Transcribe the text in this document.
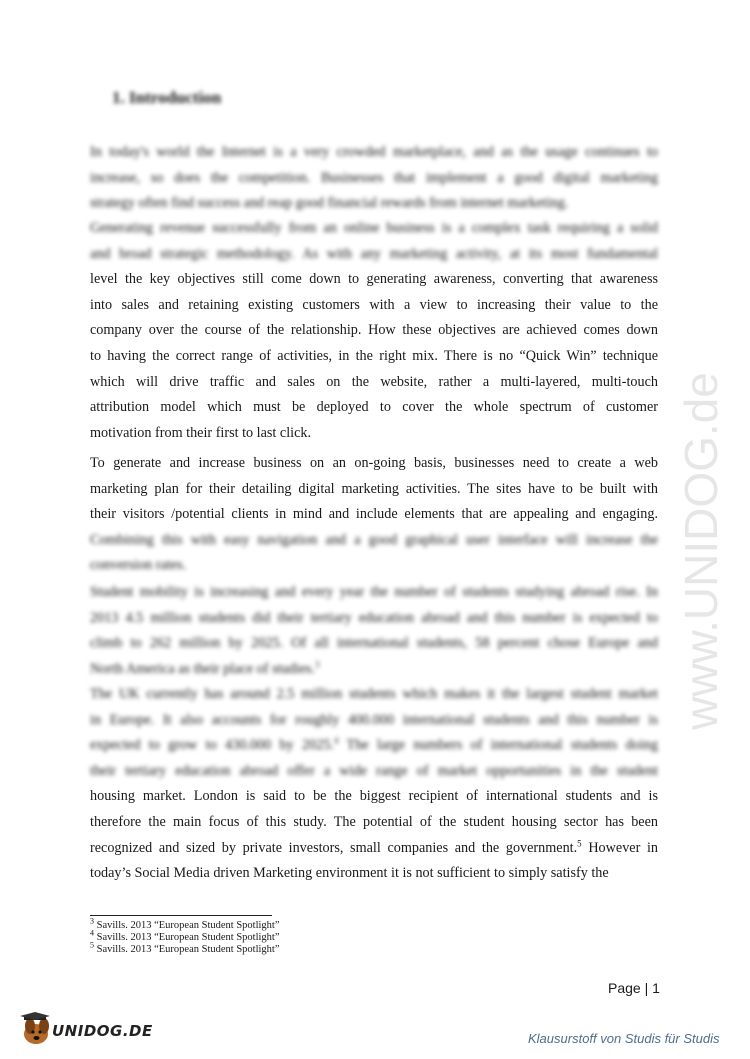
1. Introduction

In today's world the Internet is a very crowded marketplace, and as the usage continues to
increase, so does the competition. Businesses that implement a good digital marketing
strategy often find success and reap good financial rewards from internet marketing.

Generating revenue successfully from an online business is a complex task requiring a solid
and broad strategic methodology. As with any marketing activity, at its most fundamental
level the key objectives still come down to generating awareness, converting that awareness
into sales and retaining existing customers with a view to increasing their value to the
company over the course of the relationship. How these objectives are achieved comes down
to having the correct range of activities, in the right mix. There is no “Quick Win” technique
which will drive traffic and sales on the website, rather a multi-layered, multi-touch
attribution model which must be deployed to cover the whole spectrum of customer
motivation from their first to last click.

To generate and increase business on an on-going basis, businesses need to create a web
marketing plan for their detailing digital marketing activities. The sites have to be built with
their visitors /potential clients in mind and include elements that are appealing and engaging.
Combining this with easy navigation and a good graphical user interface will increase the
conversion rates.

Student mobility is increasing and every year the number of students studying abroad rise. In
2013 4.5 million students did their tertiary education abroad and this number is expected to
climb to 262 million by 2025. Of all international students, 58 percent chose Europe and
North America as their place of studies.$^3$

The UK currently has around 2.5 million students which makes it the largest student market
in Europe. It also accounts for roughly 400.000 international students and this number is
expected to grow to 430.000 by 2025.$^4$ The large numbers of international students doing
their tertiary education abroad offer a wide range of market opportunities in the student
housing market. London is said to be the biggest recipient of international students and is
therefore the main focus of this study. The potential of the student housing sector has been
recognized and sized by private investors, small companies and the government.$^5$ However in
today’s Social Media driven Marketing environment it is not sufficient to simply satisfy the

www.UNIDOG.de
$^3$ Savills. 2013 “European Student Spotlight”
$^4$ Savills. 2013 “European Student Spotlight”
$^5$ Savills. 2013 “European Student Spotlight”
Page | 1
UNIDOG.DE	Klausurstoff von Studis für Studis
